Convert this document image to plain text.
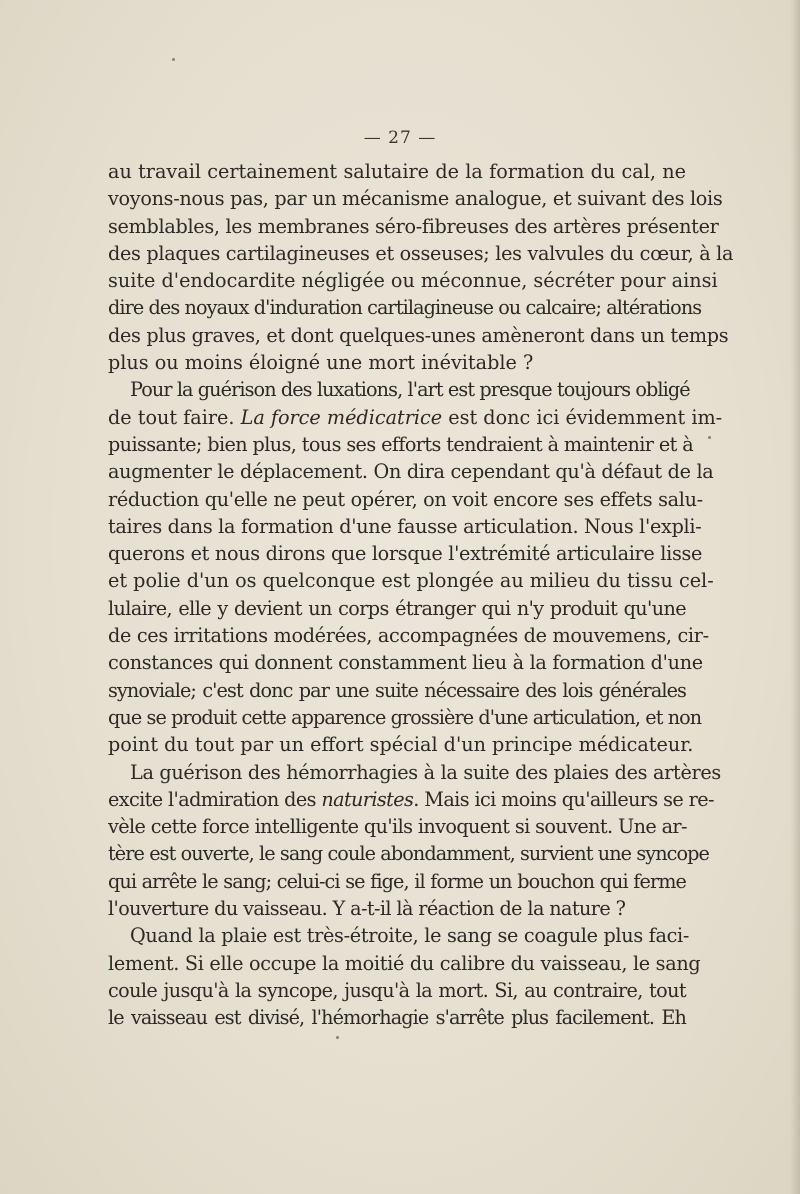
— 27 —
au travail certainement salutaire de la formation du cal, ne
voyons-nous pas, par un mécanisme analogue, et suivant des lois
semblables, les membranes séro-fibreuses des artères présenter
des plaques cartilagineuses et osseuses; les valvules du cœur, à la
suite d'endocardite négligée ou méconnue, sécréter pour ainsi
dire des noyaux d'induration cartilagineuse ou calcaire; altérations
des plus graves, et dont quelques-unes amèneront dans un temps
plus ou moins éloigné une mort inévitable ?
Pour la guérison des luxations, l'art est presque toujours obligé
de tout faire. La force médicatrice est donc ici évidemment im-
puissante; bien plus, tous ses efforts tendraient à maintenir et à
augmenter le déplacement. On dira cependant qu'à défaut de la
réduction qu'elle ne peut opérer, on voit encore ses effets salu-
taires dans la formation d'une fausse articulation. Nous l'expli-
querons et nous dirons que lorsque l'extrémité articulaire lisse
et polie d'un os quelconque est plongée au milieu du tissu cel-
lulaire, elle y devient un corps étranger qui n'y produit qu'une
de ces irritations modérées, accompagnées de mouvemens, cir-
constances qui donnent constamment lieu à la formation d'une
synoviale; c'est donc par une suite nécessaire des lois générales
que se produit cette apparence grossière d'une articulation, et non
point du tout par un effort spécial d'un principe médicateur.
La guérison des hémorrhagies à la suite des plaies des artères
excite l'admiration des naturistes. Mais ici moins qu'ailleurs se re-
vèle cette force intelligente qu'ils invoquent si souvent. Une ar-
tère est ouverte, le sang coule abondamment, survient une syncope
qui arrête le sang; celui-ci se fige, il forme un bouchon qui ferme
l'ouverture du vaisseau. Y a-t-il là réaction de la nature ?
Quand la plaie est très-étroite, le sang se coagule plus faci-
lement. Si elle occupe la moitié du calibre du vaisseau, le sang
coule jusqu'à la syncope, jusqu'à la mort. Si, au contraire, tout
le vaisseau est divisé, l'hémorhagie s'arrête plus facilement. Eh
